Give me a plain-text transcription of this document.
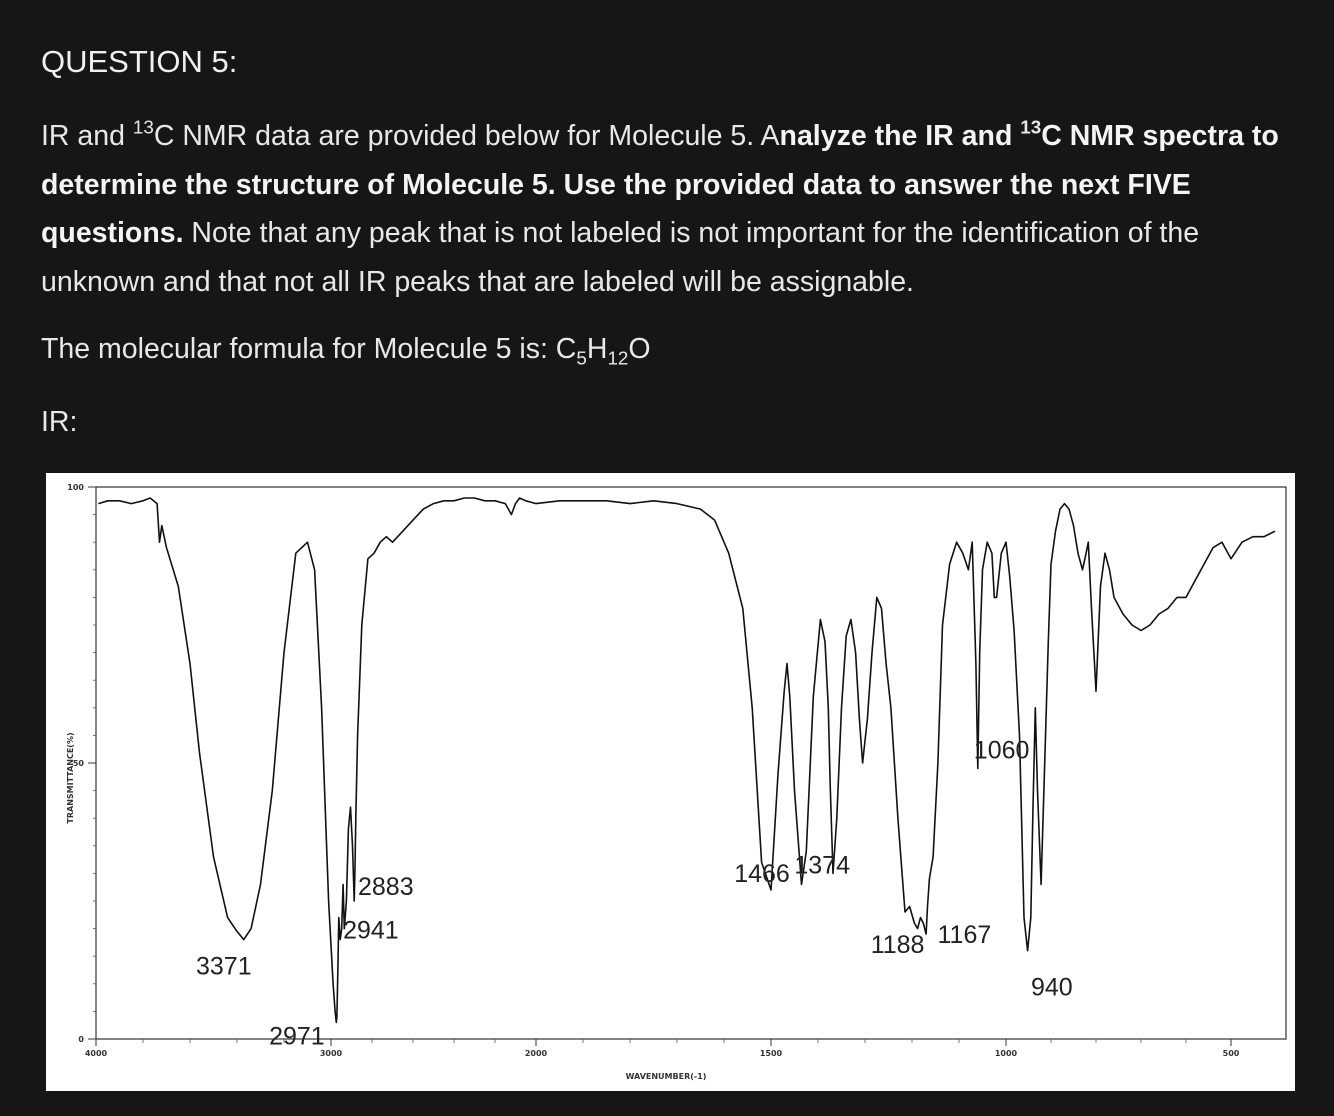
QUESTION 5:

IR and $^{13}$C NMR data are provided below for Molecule 5. Analyze the IR and $^{13}$C NMR spectra to determine the structure of Molecule 5. Use the provided data to answer the next FIVE questions. Note that any peak that is not labeled is not important for the identification of the unknown and that not all IR peaks that are labeled will be assignable.

The molecular formula for Molecule 5 is: $C_5H_{12}O$

IR:

100
50
0
4000	3000	2000	1500	1000	500
TRANSMITTANCE(%)
WAVENUMBER(-1)
3371
2971
2941
2883	1466 1374
1188 1167
1060
940
